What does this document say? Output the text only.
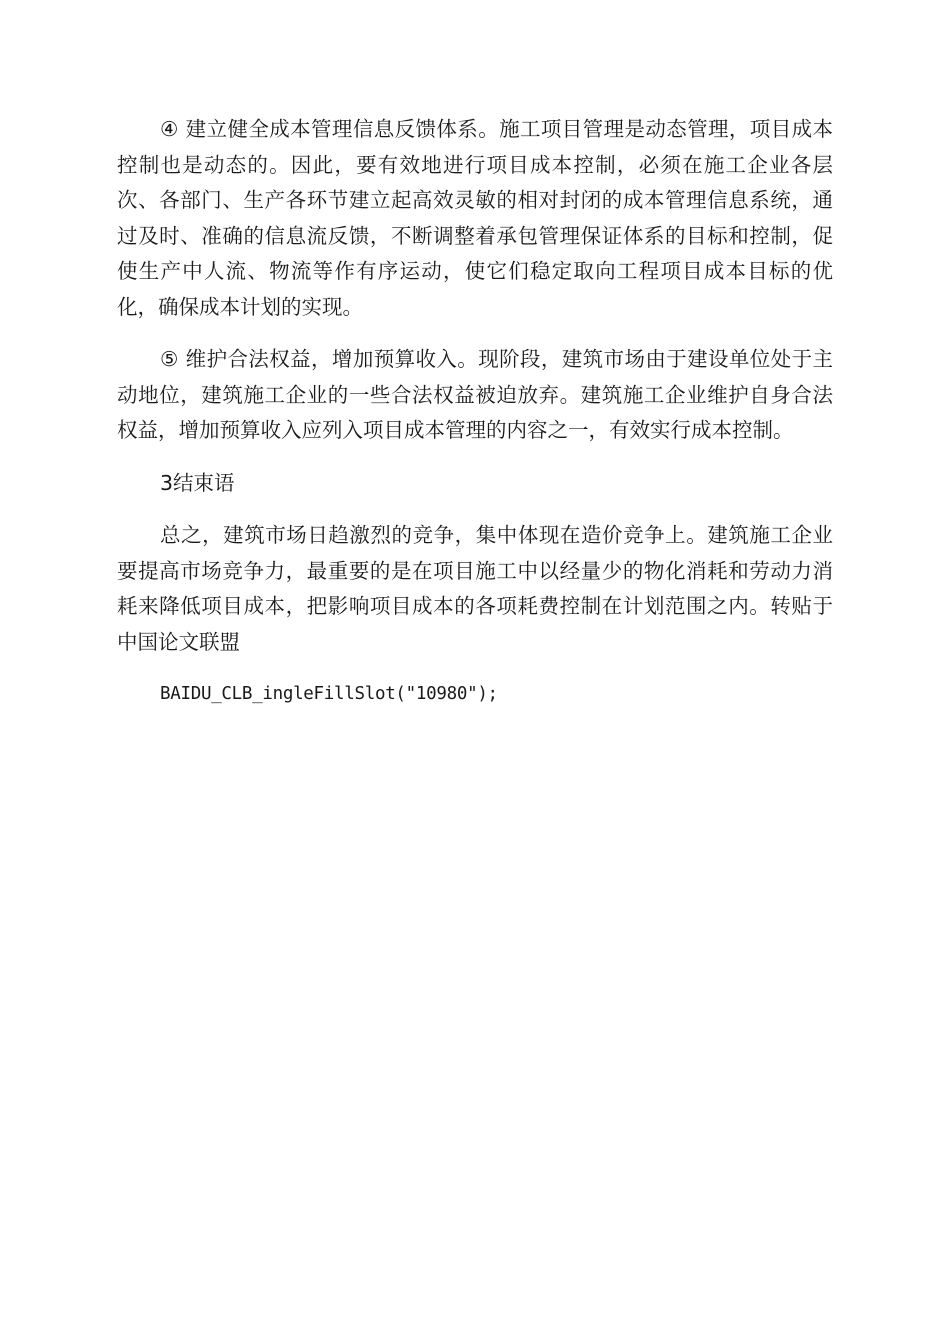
④ 建立健全成本管理信息反馈体系。施工项目管理是动态管理，项目成本控制也是动态的。因此，要有效地进行项目成本控制，必须在施工企业各层次、各部门、生产各环节建立起高效灵敏的相对封闭的成本管理信息系统，通过及时、准确的信息流反馈，不断调整着承包管理保证体系的目标和控制，促使生产中人流、物流等作有序运动，使它们稳定取向工程项目成本目标的优化，确保成本计划的实现。

⑤ 维护合法权益，增加预算收入。现阶段，建筑市场由于建设单位处于主动地位，建筑施工企业的一些合法权益被迫放弃。建筑施工企业维护自身合法权益，增加预算收入应列入项目成本管理的内容之一，有效实行成本控制。

3结束语

总之，建筑市场日趋激烈的竞争，集中体现在造价竞争上。建筑施工企业要提高市场竞争力，最重要的是在项目施工中以经量少的物化消耗和劳动力消耗来降低项目成本，把影响项目成本的各项耗费控制在计划范围之内。转贴于中国论文联盟

BAIDU_CLB_ingleFillSlot("10980");
